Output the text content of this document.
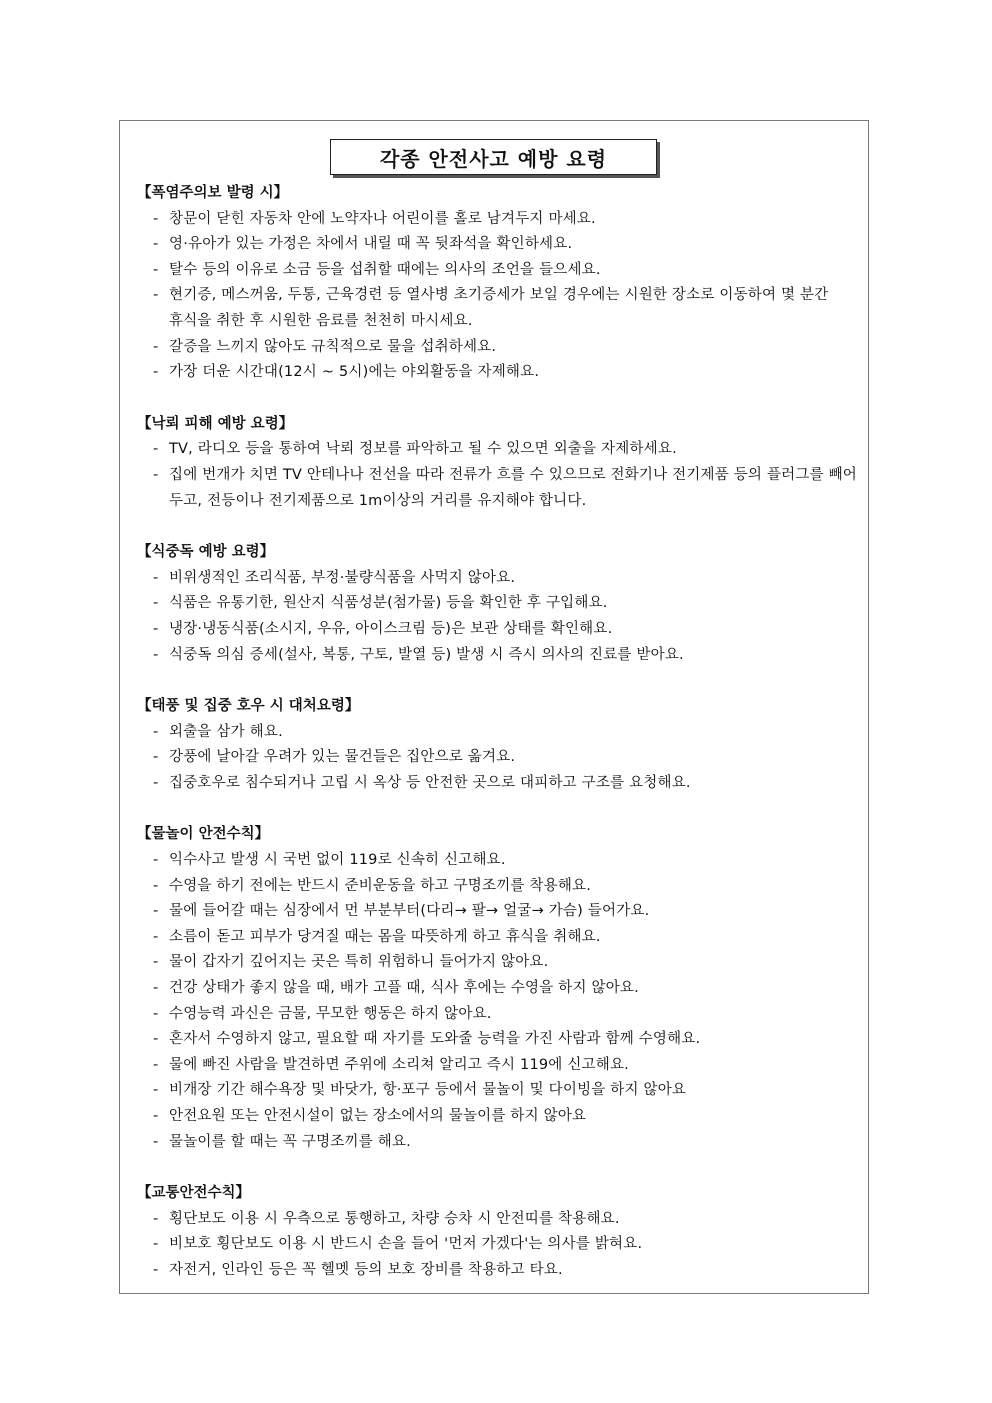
각종 안전사고 예방 요령
【폭염주의보 발령 시】
- 창문이 닫힌 자동차 안에 노약자나 어린이를 홀로 남겨두지 마세요.
- 영·유아가 있는 가정은 차에서 내릴 때 꼭 뒷좌석을 확인하세요.
- 탈수 등의 이유로 소금 등을 섭취할 때에는 의사의 조언을 들으세요.
- 현기증, 메스꺼움, 두통, 근육경련 등 열사병 초기증세가 보일 경우에는 시원한 장소로 이동하여 몇 분간 휴식을 취한 후 시원한 음료를 천천히 마시세요.
- 갈증을 느끼지 않아도 규칙적으로 물을 섭취하세요.
- 가장 더운 시간대(12시 ~ 5시)에는 야외활동을 자제해요.
【낙뢰 피해 예방 요령】
- TV, 라디오 등을 통하여 낙뢰 정보를 파악하고 될 수 있으면 외출을 자제하세요.
- 집에 번개가 치면 TV 안테나나 전선을 따라 전류가 흐를 수 있으므로 전화기나 전기제품 등의 플러그를 빼어 두고, 전등이나 전기제품으로 1m이상의 거리를 유지해야 합니다.
【식중독 예방 요령】
- 비위생적인 조리식품, 부정·불량식품을 사먹지 않아요.
- 식품은 유통기한, 원산지 식품성분(첨가물) 등을 확인한 후 구입해요.
- 냉장·냉동식품(소시지, 우유, 아이스크림 등)은 보관 상태를 확인해요.
- 식중독 의심 증세(설사, 복통, 구토, 발열 등) 발생 시 즉시 의사의 진료를 받아요.
【태풍 및 집중 호우 시 대처요령】
- 외출을 삼가 해요.
- 강풍에 날아갈 우려가 있는 물건들은 집안으로 옮겨요.
- 집중호우로 침수되거나 고립 시 옥상 등 안전한 곳으로 대피하고 구조를 요청해요.
【물놀이 안전수칙】
- 익수사고 발생 시 국번 없이 119로 신속히 신고해요.
- 수영을 하기 전에는 반드시 준비운동을 하고 구명조끼를 착용해요.
- 물에 들어갈 때는 심장에서 먼 부분부터(다리→ 팔→ 얼굴→ 가슴) 들어가요.
- 소름이 돋고 피부가 당겨질 때는 몸을 따뜻하게 하고 휴식을 취해요.
- 물이 갑자기 깊어지는 곳은 특히 위험하니 들어가지 않아요.
- 건강 상태가 좋지 않을 때, 배가 고플 때, 식사 후에는 수영을 하지 않아요.
- 수영능력 과신은 금물, 무모한 행동은 하지 않아요.
- 혼자서 수영하지 않고, 필요할 때 자기를 도와줄 능력을 가진 사람과 함께 수영해요.
- 물에 빠진 사람을 발견하면 주위에 소리쳐 알리고 즉시 119에 신고해요.
- 비개장 기간 해수욕장 및 바닷가, 항·포구 등에서 물놀이 및 다이빙을 하지 않아요
- 안전요원 또는 안전시설이 없는 장소에서의 물놀이를 하지 않아요
- 물놀이를 할 때는 꼭 구명조끼를 해요.
【교통안전수칙】
- 횡단보도 이용 시 우측으로 통행하고, 차량 승차 시 안전띠를 착용해요.
- 비보호 횡단보도 이용 시 반드시 손을 들어 '먼저 가겠다'는 의사를 밝혀요.
- 자전거, 인라인 등은 꼭 헬멧 등의 보호 장비를 착용하고 타요.
